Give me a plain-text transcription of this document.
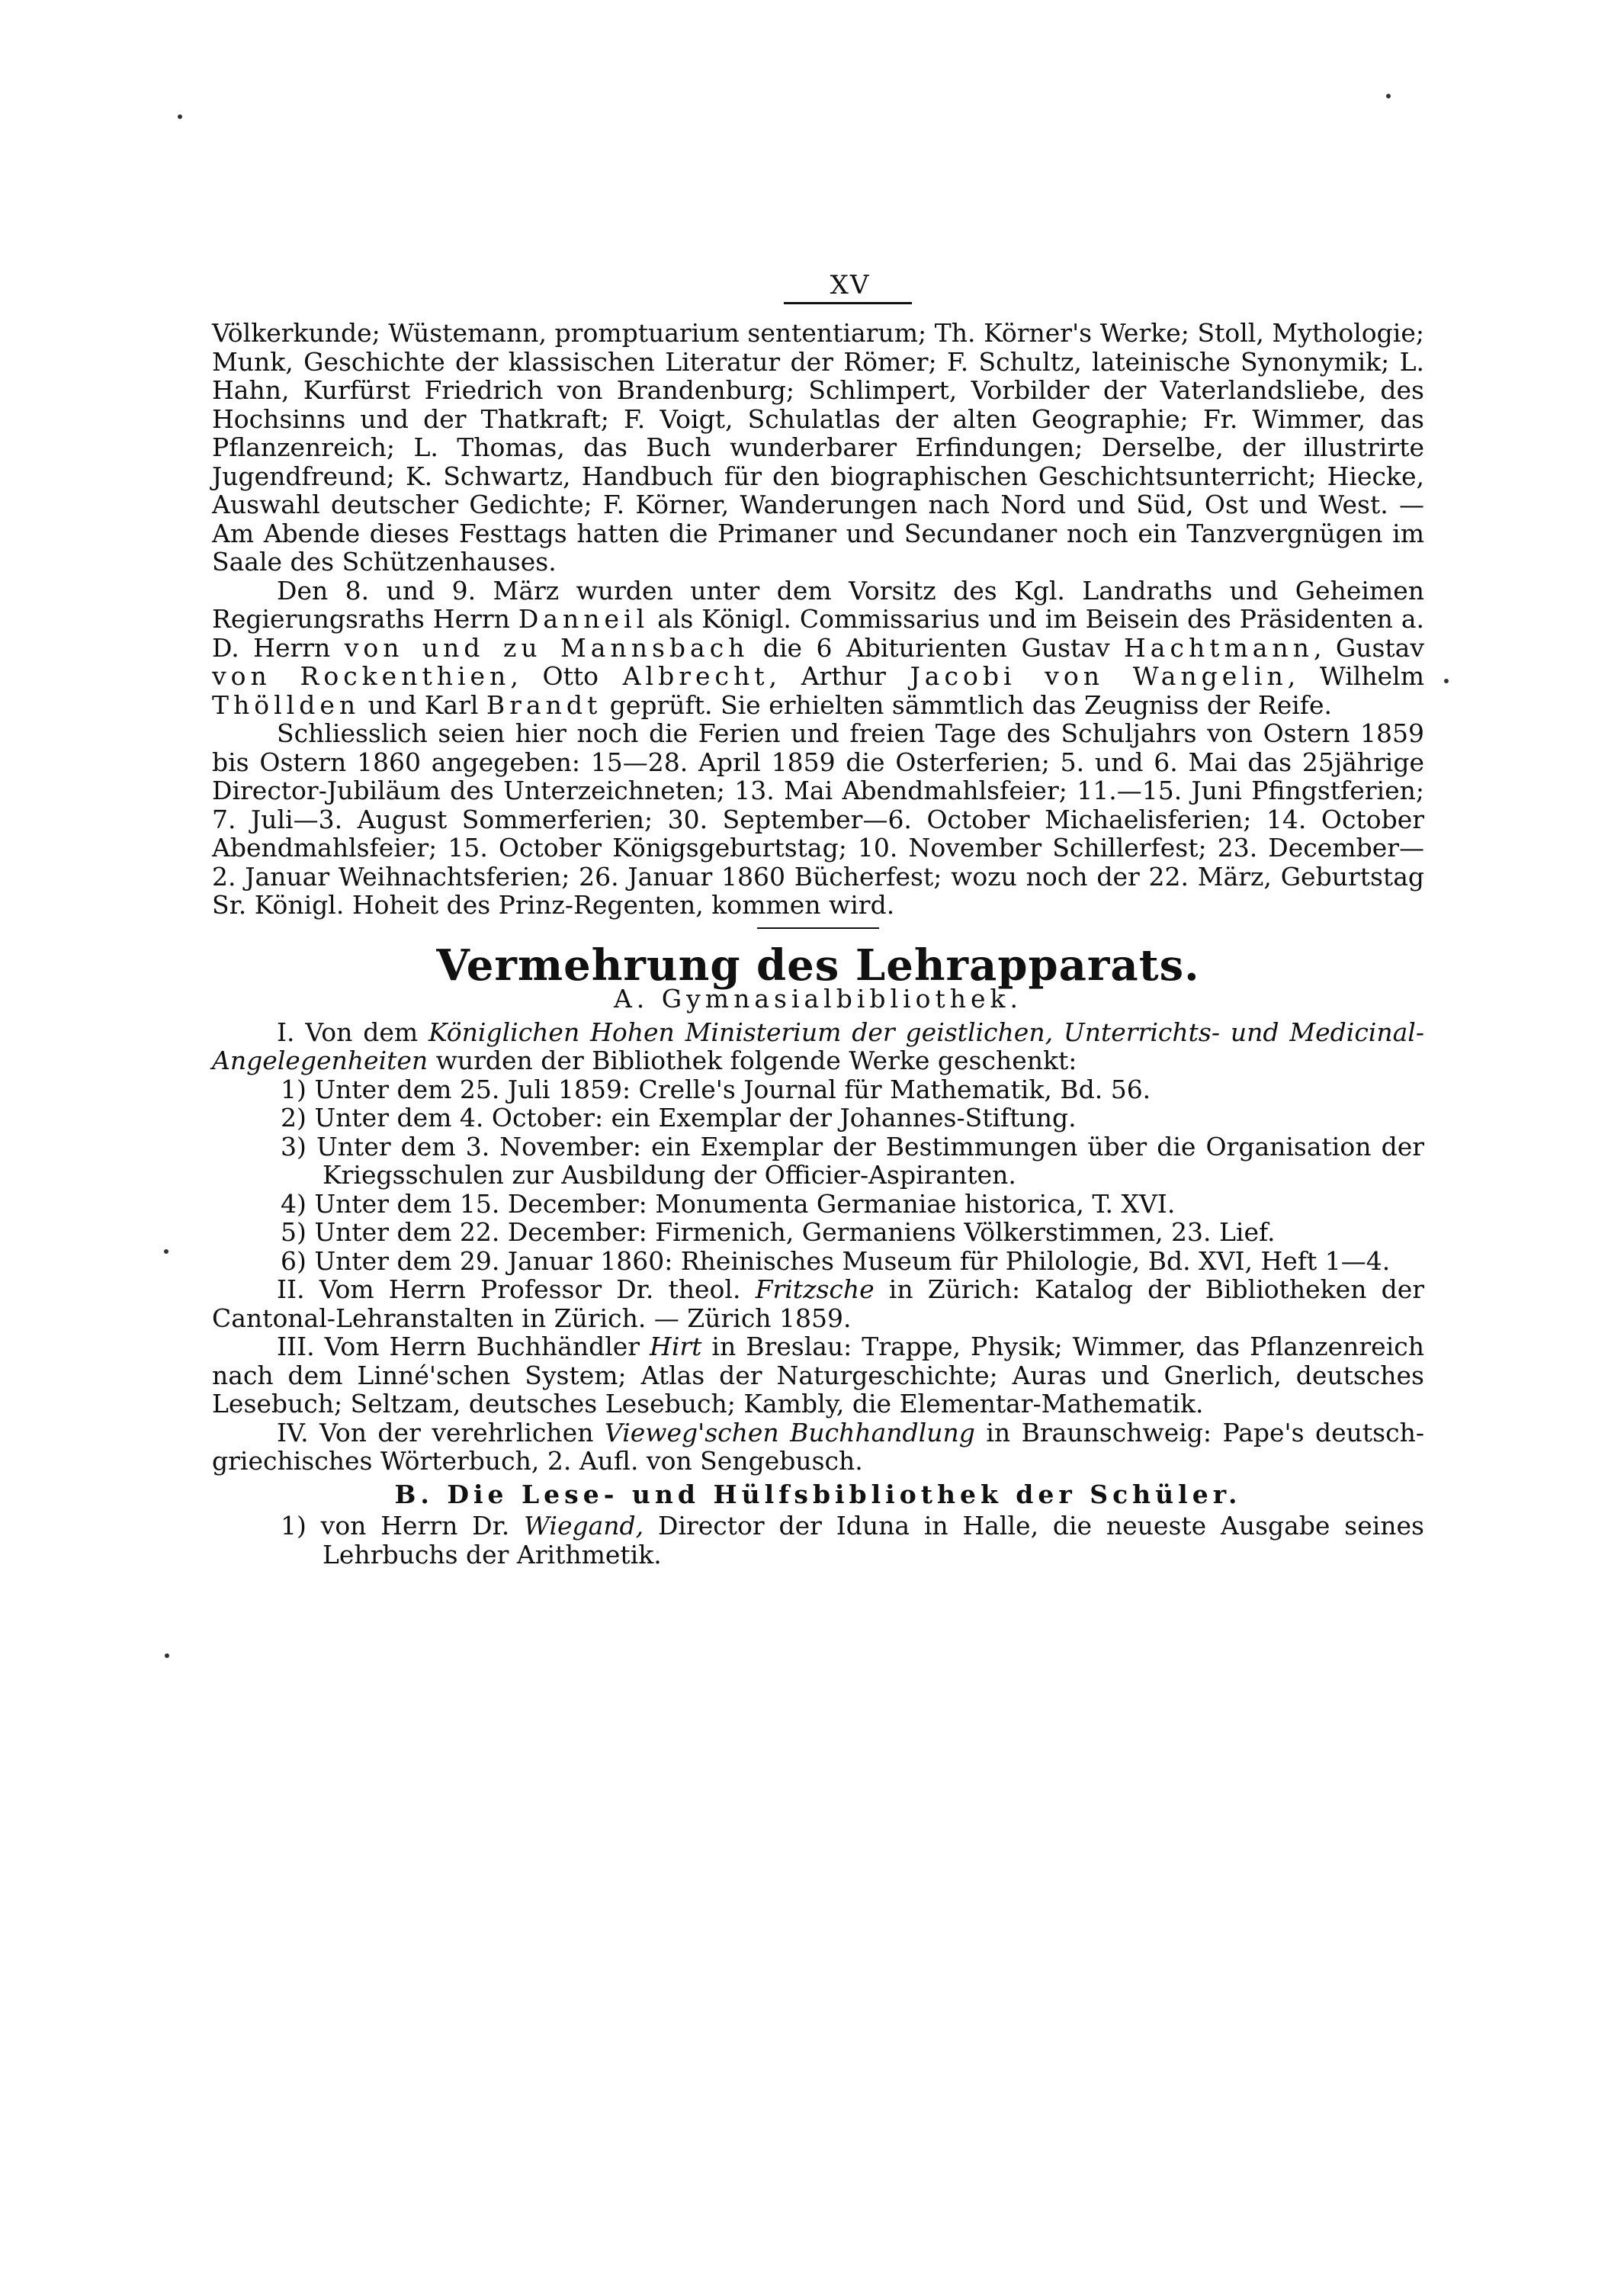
XV

Völkerkunde; Wüstemann, promptuarium sententiarum; Th. Körner's Werke; Stoll, Mythologie; Munk, Geschichte der klassischen Literatur der Römer; F. Schultz, lateinische Synonymik; L. Hahn, Kurfürst Friedrich von Brandenburg; Schlimpert, Vorbilder der Vaterlandsliebe, des Hochsinns und der Thatkraft; F. Voigt, Schulatlas der alten Geographie; Fr. Wimmer, das Pflanzenreich; L. Thomas, das Buch wunderbarer Erfindungen; Derselbe, der illustrirte Jugendfreund; K. Schwartz, Handbuch für den biographischen Geschichtsunterricht; Hiecke, Auswahl deutscher Gedichte; F. Körner, Wanderungen nach Nord und Süd, Ost und West. — Am Abende dieses Festtags hatten die Primaner und Secundaner noch ein Tanzvergnügen im Saale des Schützenhauses.

Den 8. und 9. März wurden unter dem Vorsitz des Kgl. Landraths und Geheimen Regierungsraths Herrn Danneil als Königl. Commissarius und im Beisein des Präsidenten a. D. Herrn von und zu Mannsbach die 6 Abiturienten Gustav Hachtmann, Gustav von Rockenthien, Otto Albrecht, Arthur Jacobi von Wangelin, Wilhelm Thöllden und Karl Brandt geprüft. Sie erhielten sämmtlich das Zeugniss der Reife.

Schliesslich seien hier noch die Ferien und freien Tage des Schuljahrs von Ostern 1859 bis Ostern 1860 angegeben: 15—28. April 1859 die Osterferien; 5. und 6. Mai das 25jährige Director-Jubiläum des Unterzeichneten; 13. Mai Abendmahlsfeier; 11.—15. Juni Pfingstferien; 7. Juli—3. August Sommerferien; 30. September—6. October Michaelisferien; 14. October Abendmahlsfeier; 15. October Königsgeburtstag; 10. November Schillerfest; 23. December—2. Januar Weihnachtsferien; 26. Januar 1860 Bücherfest; wozu noch der 22. März, Geburtstag Sr. Königl. Hoheit des Prinz-Regenten, kommen wird.

Vermehrung des Lehrapparats.
A. Gymnasialbibliothek.

I. Von dem Königlichen Hohen Ministerium der geistlichen, Unterrichts- und Medicinal-Angelegenheiten wurden der Bibliothek folgende Werke geschenkt:

1) Unter dem 25. Juli 1859: Crelle's Journal für Mathematik, Bd. 56.

2) Unter dem 4. October: ein Exemplar der Johannes-Stiftung.

3) Unter dem 3. November: ein Exemplar der Bestimmungen über die Organisation der Kriegsschulen zur Ausbildung der Officier-Aspiranten.

4) Unter dem 15. December: Monumenta Germaniae historica, T. XVI.

5) Unter dem 22. December: Firmenich, Germaniens Völkerstimmen, 23. Lief.

6) Unter dem 29. Januar 1860: Rheinisches Museum für Philologie, Bd. XVI, Heft 1—4.

II. Vom Herrn Professor Dr. theol. Fritzsche in Zürich: Katalog der Bibliotheken der Cantonal-Lehranstalten in Zürich. — Zürich 1859.

III. Vom Herrn Buchhändler Hirt in Breslau: Trappe, Physik; Wimmer, das Pflanzenreich nach dem Linné'schen System; Atlas der Naturgeschichte; Auras und Gnerlich, deutsches Lesebuch; Seltzam, deutsches Lesebuch; Kambly, die Elementar-Mathematik.

IV. Von der verehrlichen Vieweg'schen Buchhandlung in Braunschweig: Pape's deutsch-griechisches Wörterbuch, 2. Aufl. von Sengebusch.

B. Die Lese- und Hülfsbibliothek der Schüler.

1) von Herrn Dr. Wiegand, Director der Iduna in Halle, die neueste Ausgabe seines Lehrbuchs der Arithmetik.
